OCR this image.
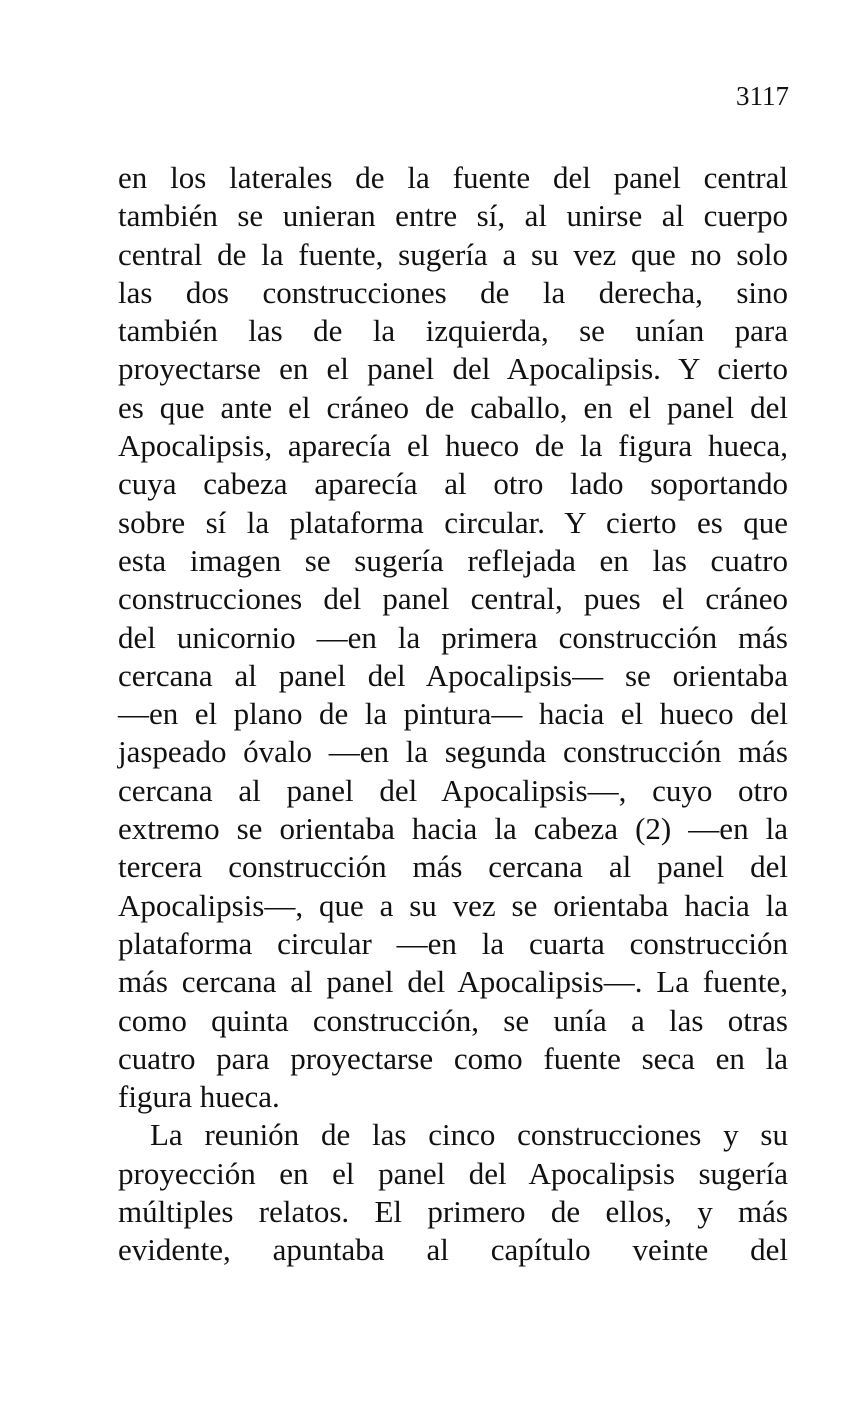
3117
en los laterales de la fuente del panel central
también se unieran entre sí, al unirse al cuerpo
central de la fuente, sugería a su vez que no solo
las dos construcciones de la derecha, sino
también las de la izquierda, se unían para
proyectarse en el panel del Apocalipsis. Y cierto
es que ante el cráneo de caballo, en el panel del
Apocalipsis, aparecía el hueco de la figura hueca,
cuya cabeza aparecía al otro lado soportando
sobre sí la plataforma circular. Y cierto es que
esta imagen se sugería reflejada en las cuatro
construcciones del panel central, pues el cráneo
del unicornio —en la primera construcción más
cercana al panel del Apocalipsis— se orientaba
—en el plano de la pintura— hacia el hueco del
jaspeado óvalo —en la segunda construcción más
cercana al panel del Apocalipsis—, cuyo otro
extremo se orientaba hacia la cabeza (2) —en la
tercera construcción más cercana al panel del
Apocalipsis—, que a su vez se orientaba hacia la
plataforma circular —en la cuarta construcción
más cercana al panel del Apocalipsis—. La fuente,
como quinta construcción, se unía a las otras
cuatro para proyectarse como fuente seca en la
figura hueca.
La reunión de las cinco construcciones y su
proyección en el panel del Apocalipsis sugería
múltiples relatos. El primero de ellos, y más
evidente, apuntaba al capítulo veinte del
